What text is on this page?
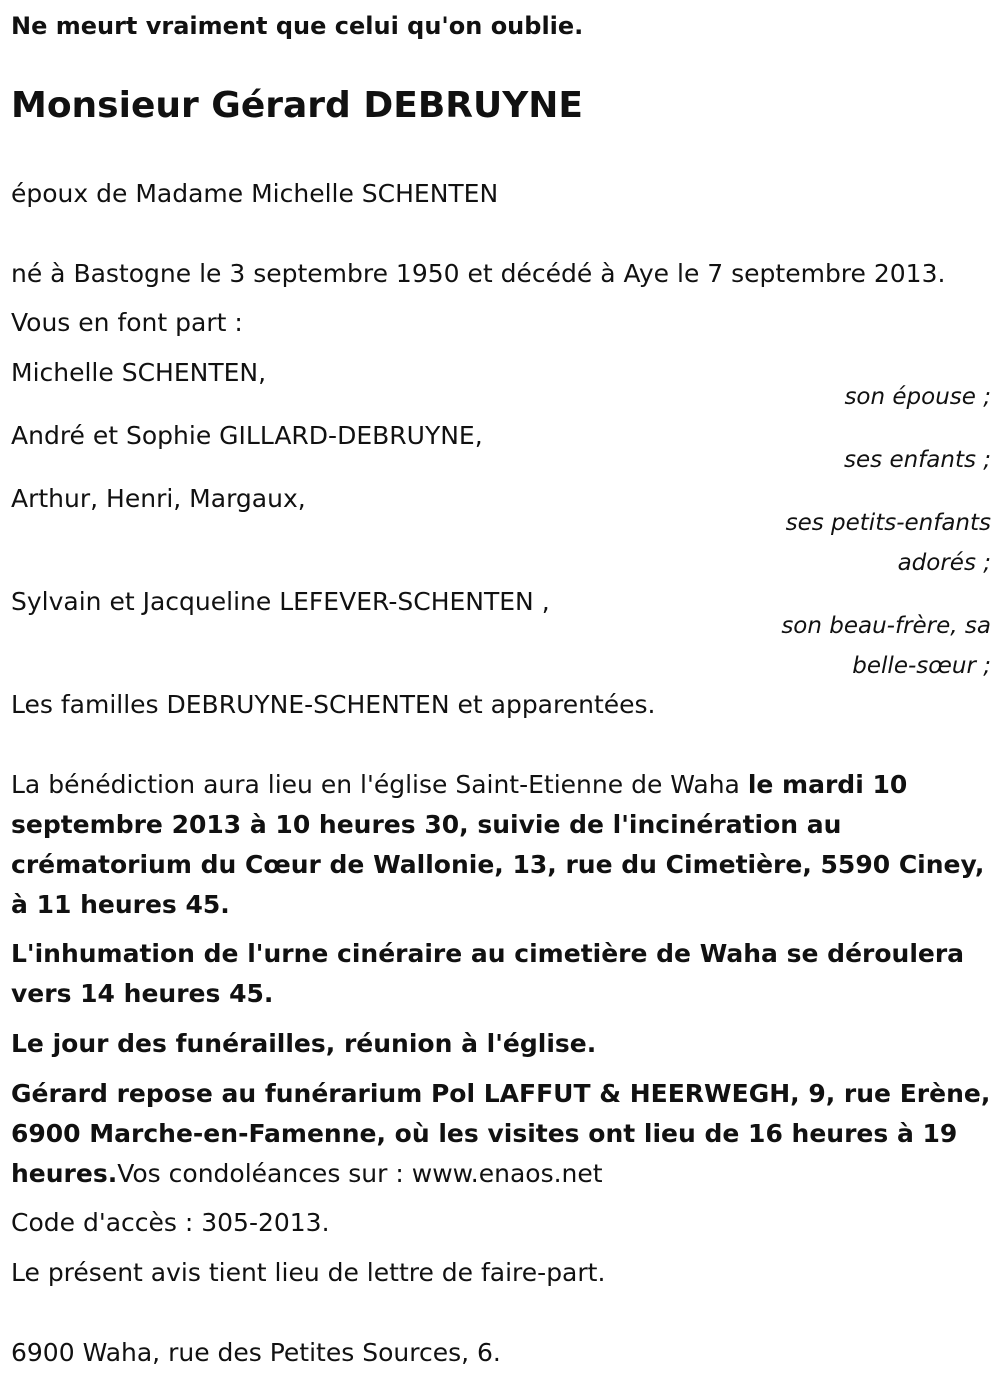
Ne meurt vraiment que celui qu'on oublie.
Monsieur Gérard DEBRUYNE
époux de Madame Michelle SCHENTEN
né à Bastogne le 3 septembre 1950 et décédé à Aye le 7 septembre 2013.
Vous en font part :
Michelle SCHENTEN,
son épouse ;
André et Sophie GILLARD-DEBRUYNE,
ses enfants ;
Arthur, Henri, Margaux,
ses petits-enfants adorés ;
Sylvain et Jacqueline LEFEVER-SCHENTEN ,
son beau-frère, sa belle-sœur ;
Les familles DEBRUYNE-SCHENTEN et apparentées.
La bénédiction aura lieu en l'église Saint-Etienne de Waha le mardi 10 septembre 2013 à 10 heures 30, suivie de l'incinération au crématorium du Cœur de Wallonie, 13, rue du Cimetière, 5590 Ciney, à 11 heures 45.
L'inhumation de l'urne cinéraire au cimetière de Waha se déroulera vers 14 heures 45.
Le jour des funérailles, réunion à l'église.
Gérard repose au funérarium Pol LAFFUT & HEERWEGH, 9, rue Erène, 6900 Marche-en-Famenne, où les visites ont lieu de 16 heures à 19 heures.Vos condoléances sur : www.enaos.net
Code d'accès : 305-2013.
Le présent avis tient lieu de lettre de faire-part.
6900 Waha, rue des Petites Sources, 6.
